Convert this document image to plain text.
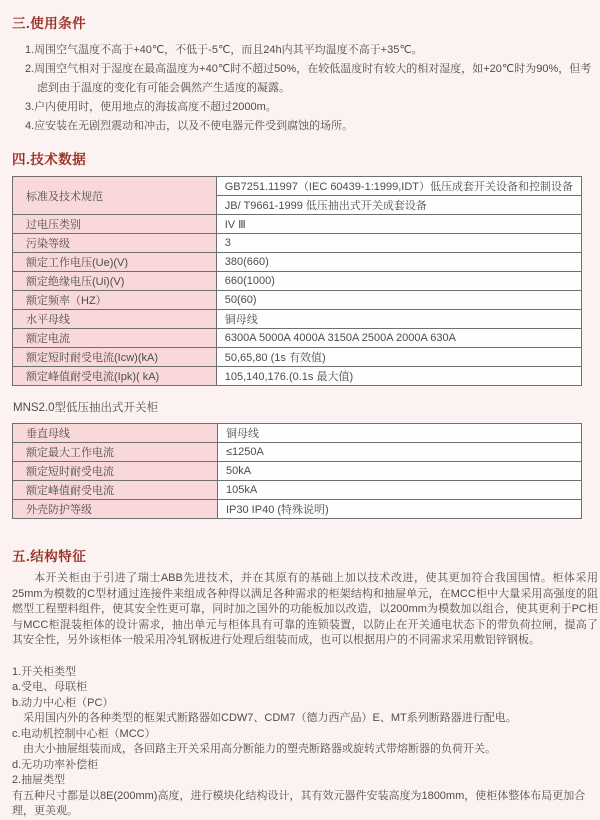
三.使用条件
1.周围空气温度不高于+40℃，不低于-5℃，而且24h内其平均温度不高于+35℃。
2.周围空气相对于湿度在最高温度为+40℃时不超过50%，在较低温度时有较大的相对湿度，如+20℃时为90%，但考虑到由于温度的变化有可能会偶然产生适度的凝露。
3.户内使用时，使用地点的海拔高度不超过2000m。
4.应安装在无剧烈震动和冲击，以及不使电器元件受到腐蚀的场所。
四.技术数据
标准及技术规范	GB7251.11997（IEC 60439-1:1999,IDT）低压成套开关设备和控制设备
	JB/ T9661-1999 低压抽出式开关成套设备
过电压类别	IV Ⅲ
污染等级	3
额定工作电压(Ue)(V)	380(660)
额定绝缘电压(Ui)(V)	660(1000)
额定频率（HZ）	50(60)
水平母线	铜母线
额定电流	6300A 5000A 4000A 3150A 2500A 2000A 630A
额定短时耐受电流(Icw)(kA)	50,65,80 (1s 有效值)
额定峰值耐受电流(Ipk)( kA)	105,140,176.(0.1s 最大值)
MNS2.0型低压抽出式开关柜
垂直母线	铜母线
额定最大工作电流	≤1250A
额定短时耐受电流	50kA
额定峰值耐受电流	105kA
外壳防护等级	IP30 IP40 (特殊说明)
五.结构特征
本开关柜由于引进了瑞士ABB先进技术，并在其原有的基础上加以技术改进，使其更加符合我国国情。柜体采用25mm为模数的C型材通过连接件来组成各种得以满足各种需求的柜架结构和抽屉单元，在MCC柜中大量采用高强度的阻燃型工程塑料组件，使其安全性更可靠，同时加之国外的功能板加以改造，以200mm为模数加以组合，使其更利于PC柜与MCC柜混装柜体的设计需求，抽出单元与柜体具有可靠的连锁装置，以防止在开关通电状态下的带负荷拉闸，提高了其安全性，另外该柜体一般采用冷轧钢板进行处理后组装而成，也可以根据用户的不同需求采用敷铝锌钢板。
1.开关柜类型
a.受电、母联柜
b.动力中心柜（PC）
采用国内外的各种类型的框架式断路器如CDW7、CDM7（德力西产品）E、MT系列断路器进行配电。
c.电动机控制中心柜（MCC）
由大小抽屉组装而成，各回路主开关采用高分断能力的塑壳断路器或旋转式带熔断器的负荷开关。
d.无功功率补偿柜
2.抽屉类型
有五种尺寸都是以8E(200mm)高度，进行模块化结构设计，其有效元器件安装高度为1800mm，使柜体整体布局更加合理，更美观。
